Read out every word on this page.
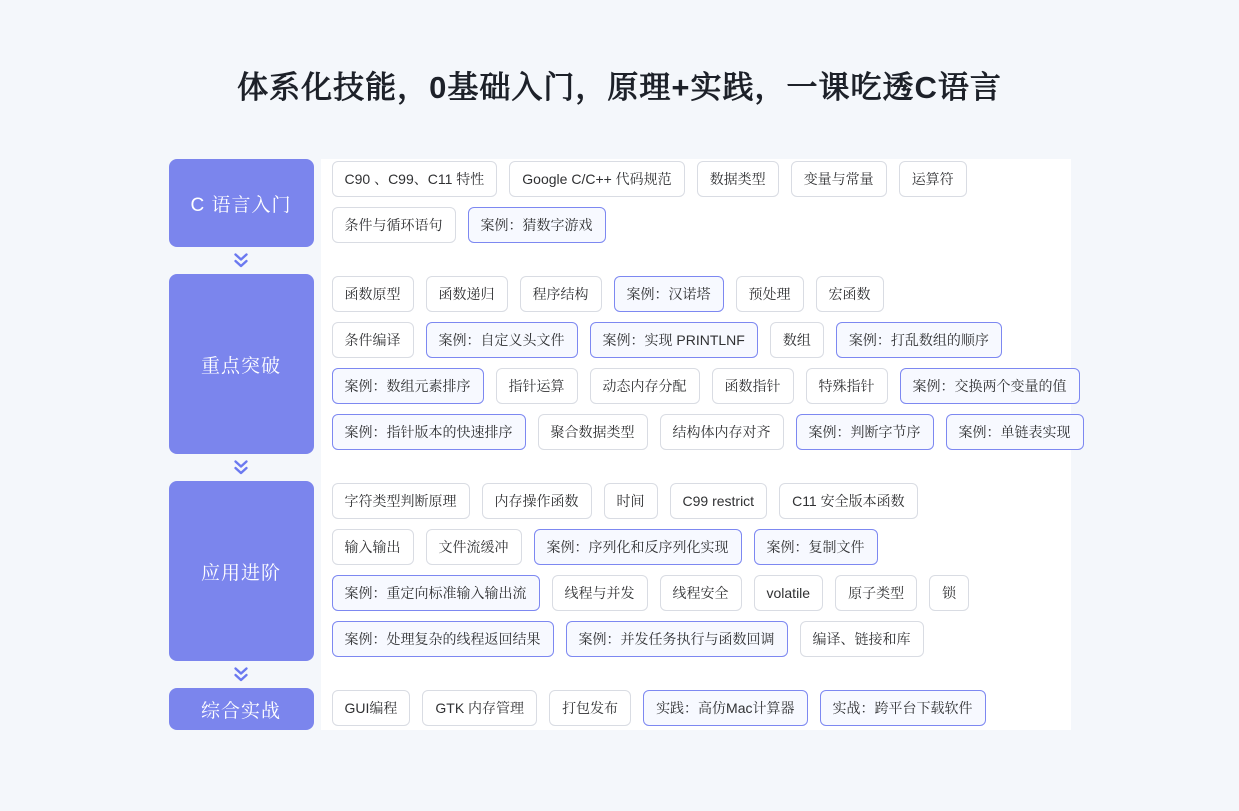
体系化技能，0基础入门，原理+实践，一课吃透C语言
C 语言入门
C90 、C99、C11 特性	Google C/C++ 代码规范	数据类型	变量与常量	运算符
条件与循环语句	案例：猜数字游戏
重点突破
函数原型	函数递归	程序结构	案例：汉诺塔	预处理	宏函数
条件编译	案例：自定义头文件	案例：实现 PRINTLNF	数组	案例：打乱数组的顺序
案例：数组元素排序	指针运算	动态内存分配	函数指针	特殊指针	案例：交换两个变量的值
案例：指针版本的快速排序	聚合数据类型	结构体内存对齐	案例：判断字节序	案例：单链表实现
应用进阶
字符类型判断原理	内存操作函数	时间	C99 restrict	C11 安全版本函数
输入输出	文件流缓冲	案例：序列化和反序列化实现	案例：复制文件
案例：重定向标准输入输出流	线程与并发	线程安全	volatile	原子类型	锁
案例：处理复杂的线程返回结果	案例：并发任务执行与函数回调	编译、链接和库
综合实战	GUI编程	GTK 内存管理	打包发布	实践：高仿Mac计算器	实战：跨平台下载软件
